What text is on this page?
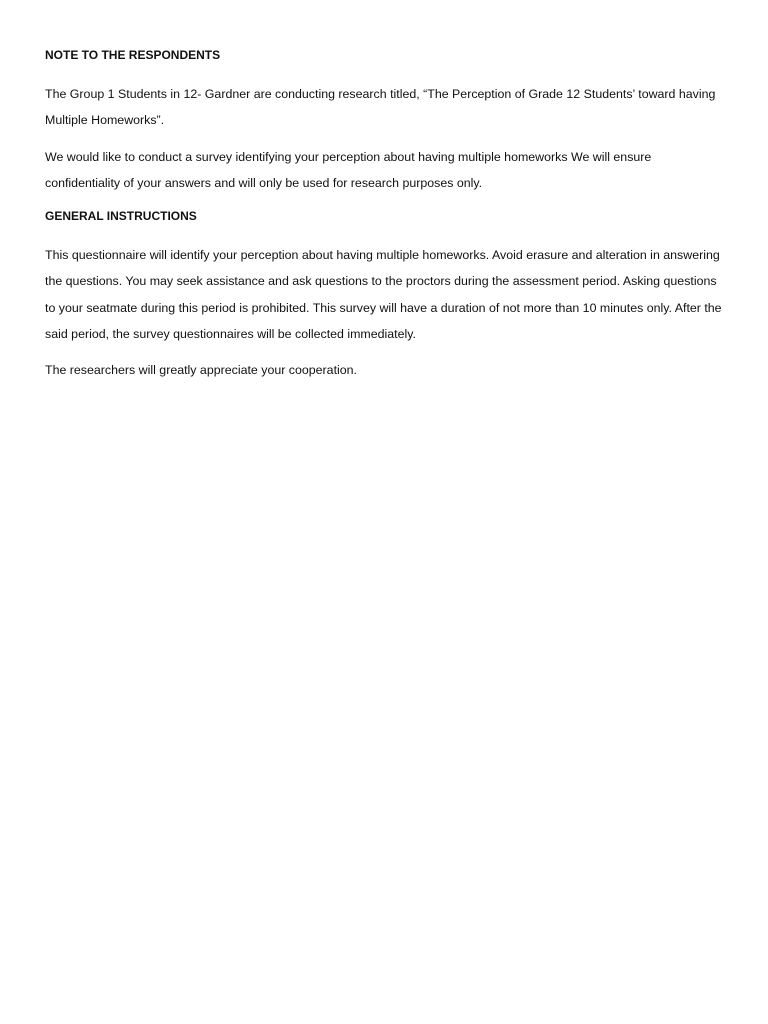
NOTE TO THE RESPONDENTS

The Group 1 Students in 12- Gardner are conducting research titled, “The Perception of Grade 12 Students’ toward having Multiple Homeworks”.

We would like to conduct a survey identifying your perception about having multiple homeworks We will ensure confidentiality of your answers and will only be used for research purposes only.

GENERAL INSTRUCTIONS

This questionnaire will identify your perception about having multiple homeworks. Avoid erasure and alteration in answering the questions. You may seek assistance and ask questions to the proctors during the assessment period. Asking questions to your seatmate during this period is prohibited. This survey will have a duration of not more than 10 minutes only. After the said period, the survey questionnaires will be collected immediately.

The researchers will greatly appreciate your cooperation.
